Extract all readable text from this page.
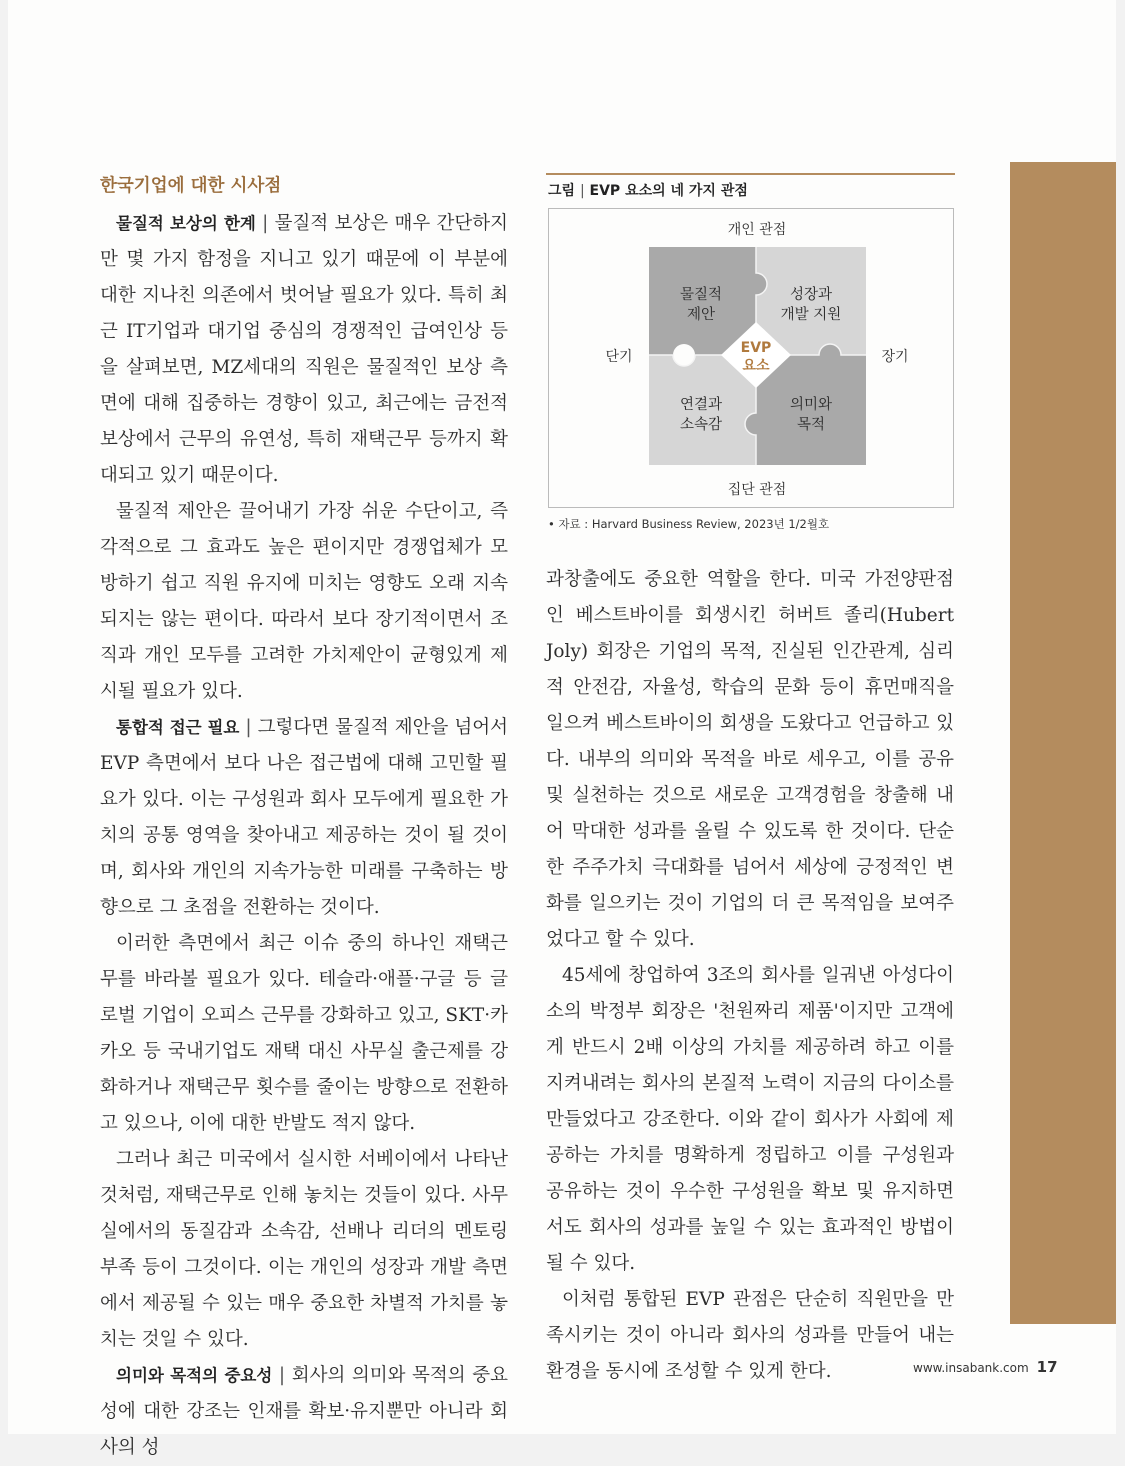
한국기업에 대한 시사점

물질적 보상의 한계 | 물질적 보상은 매우 간단하지만 몇 가지 함정을 지니고 있기 때문에 이 부분에 대한 지나친 의존에서 벗어날 필요가 있다. 특히 최근 IT기업과 대기업 중심의 경쟁적인 급여인상 등을 살펴보면, MZ세대의 직원은 물질적인 보상 측면에 대해 집중하는 경향이 있고, 최근에는 금전적 보상에서 근무의 유연성, 특히 재택근무 등까지 확대되고 있기 때문이다.

물질적 제안은 끌어내기 가장 쉬운 수단이고, 즉각적으로 그 효과도 높은 편이지만 경쟁업체가 모방하기 쉽고 직원 유지에 미치는 영향도 오래 지속되지는 않는 편이다. 따라서 보다 장기적이면서 조직과 개인 모두를 고려한 가치제안이 균형있게 제시될 필요가 있다.

통합적 접근 필요 | 그렇다면 물질적 제안을 넘어서 EVP 측면에서 보다 나은 접근법에 대해 고민할 필요가 있다. 이는 구성원과 회사 모두에게 필요한 가치의 공통 영역을 찾아내고 제공하는 것이 될 것이며, 회사와 개인의 지속가능한 미래를 구축하는 방향으로 그 초점을 전환하는 것이다.

이러한 측면에서 최근 이슈 중의 하나인 재택근무를 바라볼 필요가 있다. 테슬라·애플·구글 등 글로벌 기업이 오피스 근무를 강화하고 있고, SKT·카카오 등 국내기업도 재택 대신 사무실 출근제를 강화하거나 재택근무 횟수를 줄이는 방향으로 전환하고 있으나, 이에 대한 반발도 적지 않다.

그러나 최근 미국에서 실시한 서베이에서 나타난 것처럼, 재택근무로 인해 놓치는 것들이 있다. 사무실에서의 동질감과 소속감, 선배나 리더의 멘토링 부족 등이 그것이다. 이는 개인의 성장과 개발 측면에서 제공될 수 있는 매우 중요한 차별적 가치를 놓치는 것일 수 있다.

의미와 목적의 중요성 | 회사의 의미와 목적의 중요성에 대한 강조는 인재를 확보·유지뿐만 아니라 회사의 성

그림 | EVP 요소의 네 가지 관점
개인 관점
집단 관점
단기	장기
EVP
요소
물질적
제안
성장과
개발 지원
연결과
소속감
의미와
목적
• 자료 : Harvard Business Review, 2023년 1/2월호

과창출에도 중요한 역할을 한다. 미국 가전양판점인 베스트바이를 회생시킨 허버트 졸리(Hubert Joly) 회장은 기업의 목적, 진실된 인간관계, 심리적 안전감, 자율성, 학습의 문화 등이 휴먼매직을 일으켜 베스트바이의 회생을 도왔다고 언급하고 있다. 내부의 의미와 목적을 바로 세우고, 이를 공유 및 실천하는 것으로 새로운 고객경험을 창출해 내어 막대한 성과를 올릴 수 있도록 한 것이다. 단순한 주주가치 극대화를 넘어서 세상에 긍정적인 변화를 일으키는 것이 기업의 더 큰 목적임을 보여주었다고 할 수 있다.

45세에 창업하여 3조의 회사를 일궈낸 아성다이소의 박정부 회장은 '천원짜리 제품'이지만 고객에게 반드시 2배 이상의 가치를 제공하려 하고 이를 지켜내려는 회사의 본질적 노력이 지금의 다이소를 만들었다고 강조한다. 이와 같이 회사가 사회에 제공하는 가치를 명확하게 정립하고 이를 구성원과 공유하는 것이 우수한 구성원을 확보 및 유지하면서도 회사의 성과를 높일 수 있는 효과적인 방법이 될 수 있다.

이처럼 통합된 EVP 관점은 단순히 직원만을 만족시키는 것이 아니라 회사의 성과를 만들어 내는 환경을 동시에 조성할 수 있게 한다.	www.insabank.com 17
